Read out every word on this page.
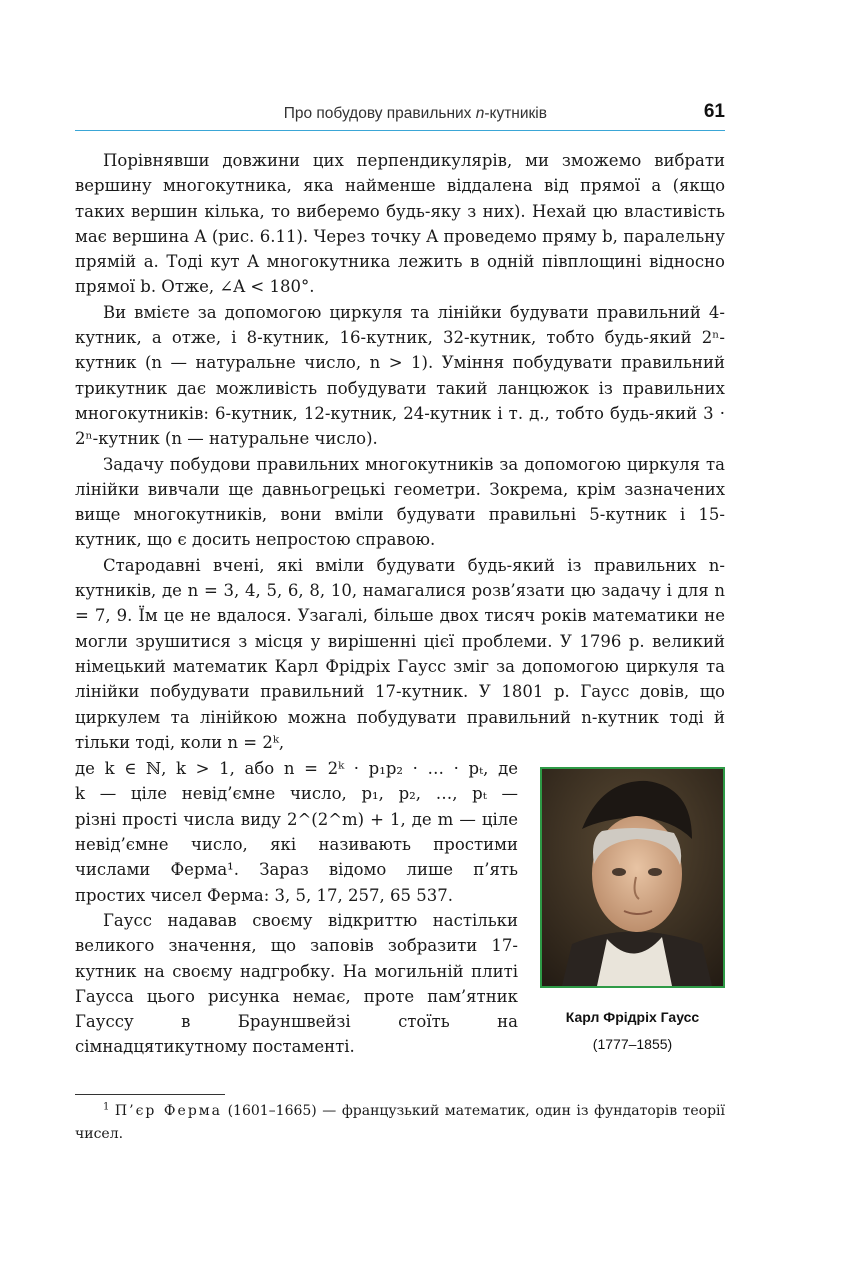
Про побудову правильних n-кутників	61

Порівнявши довжини цих перпендикулярів, ми зможемо вибрати вершину многокутника, яка найменше віддалена від прямої a (якщо таких вершин кілька, то виберемо будь-яку з них). Нехай цю властивість має вершина A (рис. 6.11). Через точку A проведемо пряму b, паралельну прямій a. Тоді кут A многокутника лежить в одній півплощині відносно прямої b. Отже, ∠A < 180°.

Ви вмієте за допомогою циркуля та лінійки будувати правильний 4-кутник, а отже, і 8-кутник, 16-кутник, 32-кутник, тобто будь-який 2ⁿ-кутник (n — натуральне число, n > 1). Уміння побудувати правильний трикутник дає можливість побудувати такий ланцюжок із правильних многокутників: 6-кутник, 12-кутник, 24-кутник і т. д., тобто будь-який 3 · 2ⁿ-кутник (n — натуральне число).

Задачу побудови правильних многокутників за допомогою циркуля та лінійки вивчали ще давньогрецькі геометри. Зокрема, крім зазначених вище многокутників, вони вміли будувати правильні 5-кутник і 15-кутник, що є досить непростою справою.

Стародавні вчені, які вміли будувати будь-який із правильних n-кутників, де n = 3, 4, 5, 6, 8, 10, намагалися розв’язати цю задачу і для n = 7, 9. Їм це не вдалося. Узагалі, більше двох тисяч років математики не могли зрушитися з місця у вирішенні цієї проблеми. У 1796 р. великий німецький математик Карл Фрідріх Гаусс зміг за допомогою циркуля та лінійки побудувати правильний 17-кутник. У 1801 р. Гаусс довів, що циркулем та лінійкою можна побудувати правильний n-кутник тоді й тільки тоді, коли n = 2ᵏ,

де k ∈ ℕ, k > 1, або n = 2ᵏ · p₁p₂ · … · pₜ, де
k — ціле невід’ємне число, p₁, p₂, …, pₜ —
різні прості числа виду 2^(2^m) + 1, де m — ціле
невід’ємне число, які називають простими
числами Ферма¹. Зараз відомо лише п’ять
простих чисел Ферма: 3, 5, 17, 257, 65 537.

Гаусс надавав своєму відкриттю настільки великого значення, що заповів зобразити 17-кутник на своєму надгробку. На могильній плиті Гаусса цього рисунка немає, проте пам’ятник Гауссу в Брауншвейзі стоїть на сімнадцятикутному постаменті.

Карл Фрідріх Гаусс
(1777–1855)
$^1$ П’єр Ферма (1601–1665) — французький математик, один із фундаторів теорії чисел.
